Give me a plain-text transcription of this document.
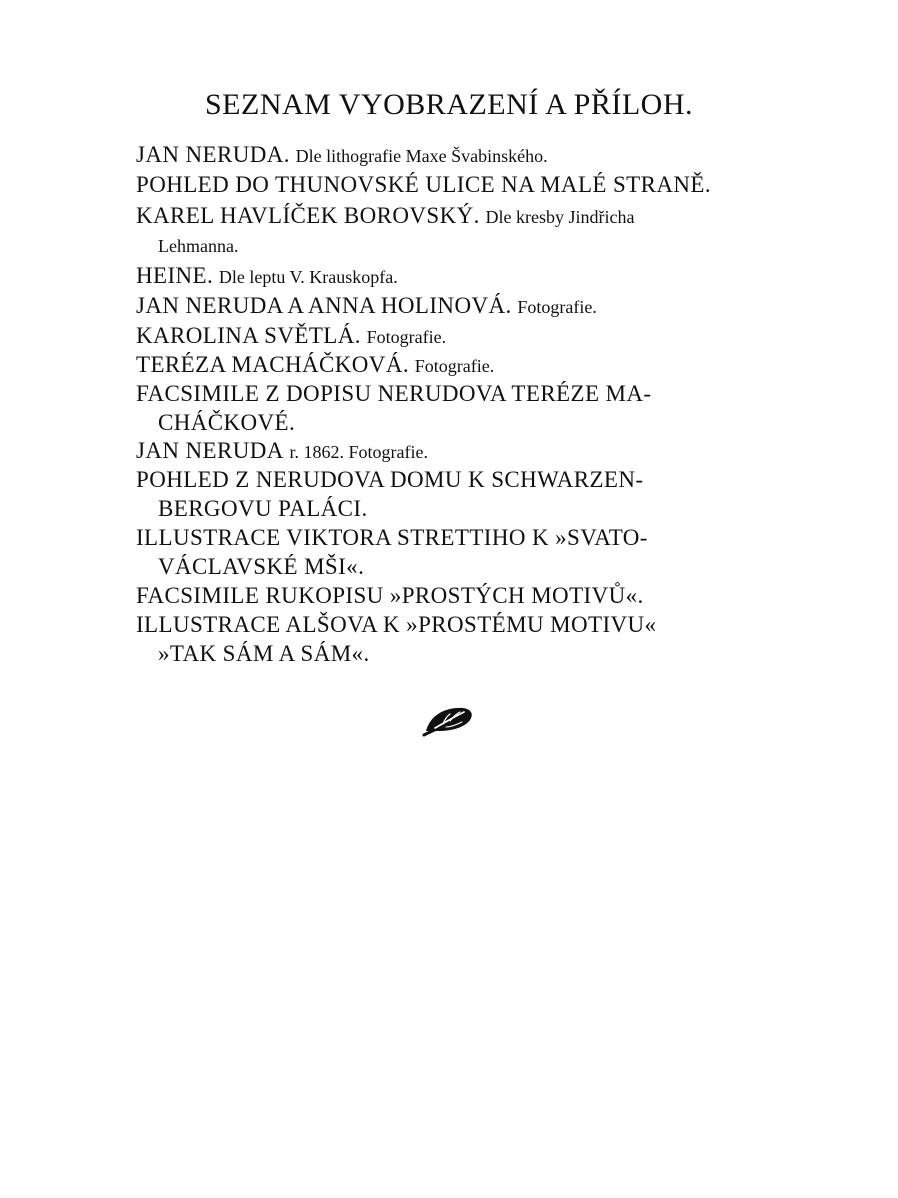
SEZNAM VYOBRAZENÍ A PŘÍLOH.
JAN NERUDA. Dle lithografie Maxe Švabinského.
POHLED DO THUNOVSKÉ ULICE NA MALÉ STRANĚ.
KAREL HAVLÍČEK BOROVSKÝ. Dle kresby Jindřicha
Lehmanna.
HEINE. Dle leptu V. Krauskopfa.
JAN NERUDA A ANNA HOLINOVÁ. Fotografie.
KAROLINA SVĚTLÁ. Fotografie.
TERÉZA MACHÁČKOVÁ. Fotografie.
FACSIMILE Z DOPISU NERUDOVA TERÉZE MA-
CHÁČKOVÉ.
JAN NERUDA r. 1862. Fotografie.
POHLED Z NERUDOVA DOMU K SCHWARZEN-
BERGOVU PALÁCI.
ILLUSTRACE VIKTORA STRETTIHO K »SVATO-
VÁCLAVSKÉ MŠI«.
FACSIMILE RUKOPISU »PROSTÝCH MOTIVŮ«.
ILLUSTRACE ALŠOVA K »PROSTÉMU MOTIVU«
»TAK SÁM A SÁM«.
